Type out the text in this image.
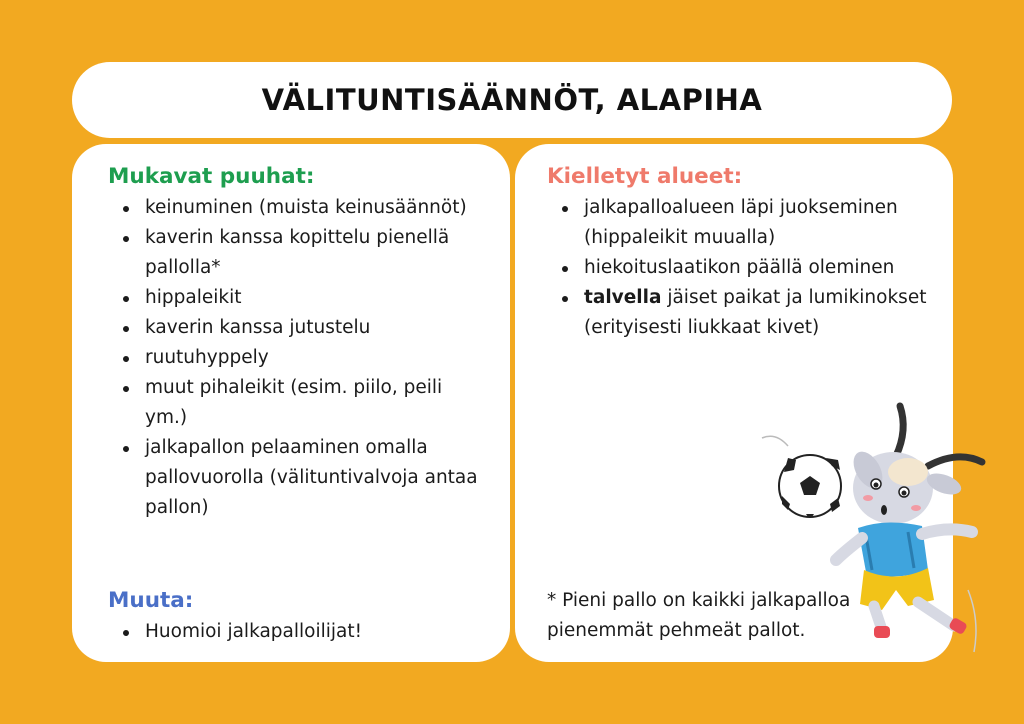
VÄLITUNTISÄÄNNÖT, ALAPIHA
Mukavat puuhat:
keinuminen (muista keinusäännöt)
kaverin kanssa kopittelu pienellä pallolla*
hippaleikit
kaverin kanssa jutustelu
ruutuhyppely
muut pihaleikit (esim. piilo, peili ym.)
jalkapallon pelaaminen omalla pallovuorolla (välituntivalvoja antaa pallon)
Muuta:
Huomioi jalkapalloilijat!
Kielletyt alueet:
jalkapalloalueen läpi juokseminen (hippaleikit muualla)
hiekoituslaatikon päällä oleminen
talvella jäiset paikat ja lumikinokset (erityisesti liukkaat kivet)
* Pieni pallo on kaikki jalkapalloa pienemmät pehmeät pallot.
